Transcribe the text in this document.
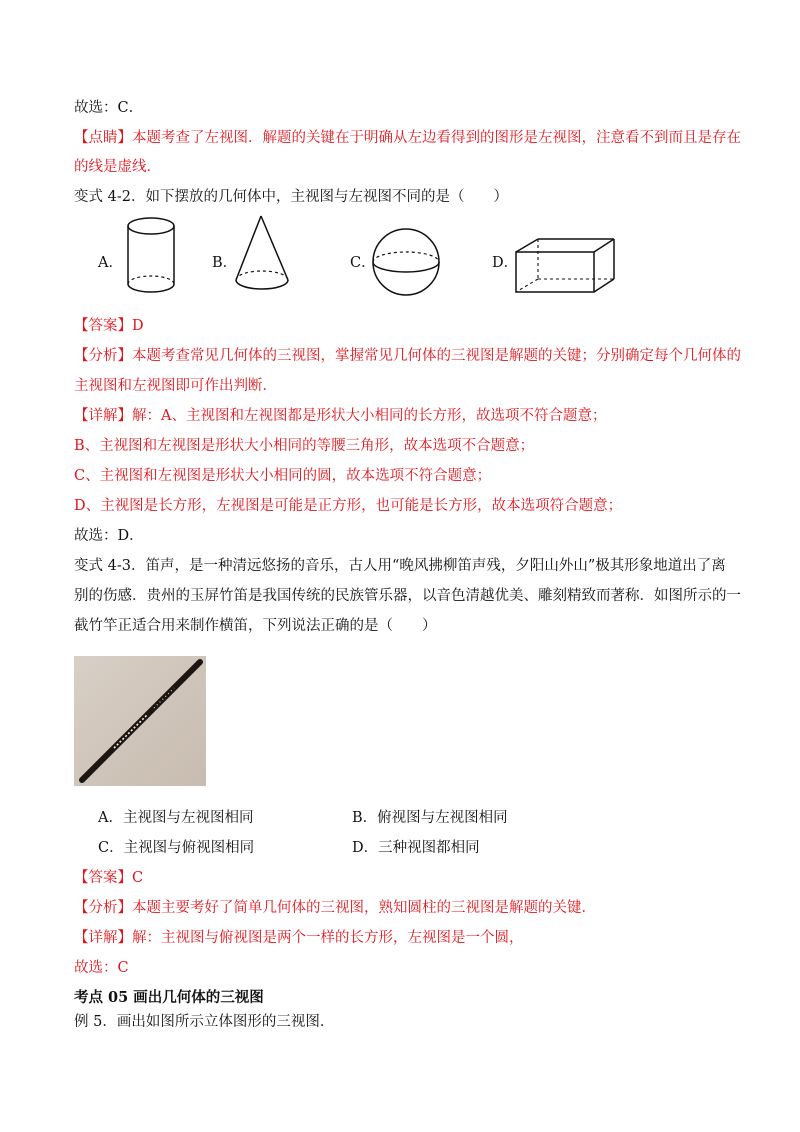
故选：C．
【点睛】本题考查了左视图．解题的关键在于明确从左边看得到的图形是左视图，注意看不到而且是存在
的线是虚线．
变式 4-2．如下摆放的几何体中，主视图与左视图不同的是（　　）
A．	B．	C．	D．
【答案】D
【分析】本题考查常见几何体的三视图，掌握常见几何体的三视图是解题的关键；分别确定每个几何体的
主视图和左视图即可作出判断．
【详解】解：A、主视图和左视图都是形状大小相同的长方形，故选项不符合题意；
B、主视图和左视图是形状大小相同的等腰三角形，故本选项不合题意；
C、主视图和左视图是形状大小相同的圆，故本选项不符合题意；
D、主视图是长方形，左视图是可能是正方形，也可能是长方形，故本选项符合题意；
故选：D．
变式 4-3．笛声，是一种清远悠扬的音乐，古人用“晚风拂柳笛声残，夕阳山外山”极其形象地道出了离
别的伤感．贵州的玉屏竹笛是我国传统的民族管乐器，以音色清越优美、雕刻精致而著称．如图所示的一
截竹竿正适合用来制作横笛，下列说法正确的是（　　）
A．主视图与左视图相同	B．俯视图与左视图相同
C．主视图与俯视图相同	D．三种视图都相同
【答案】C
【分析】本题主要考好了简单几何体的三视图，熟知圆柱的三视图是解题的关键．
【详解】解：主视图与俯视图是两个一样的长方形，左视图是一个圆，
故选：C
考点 05 画出几何体的三视图
例 5．画出如图所示立体图形的三视图．
